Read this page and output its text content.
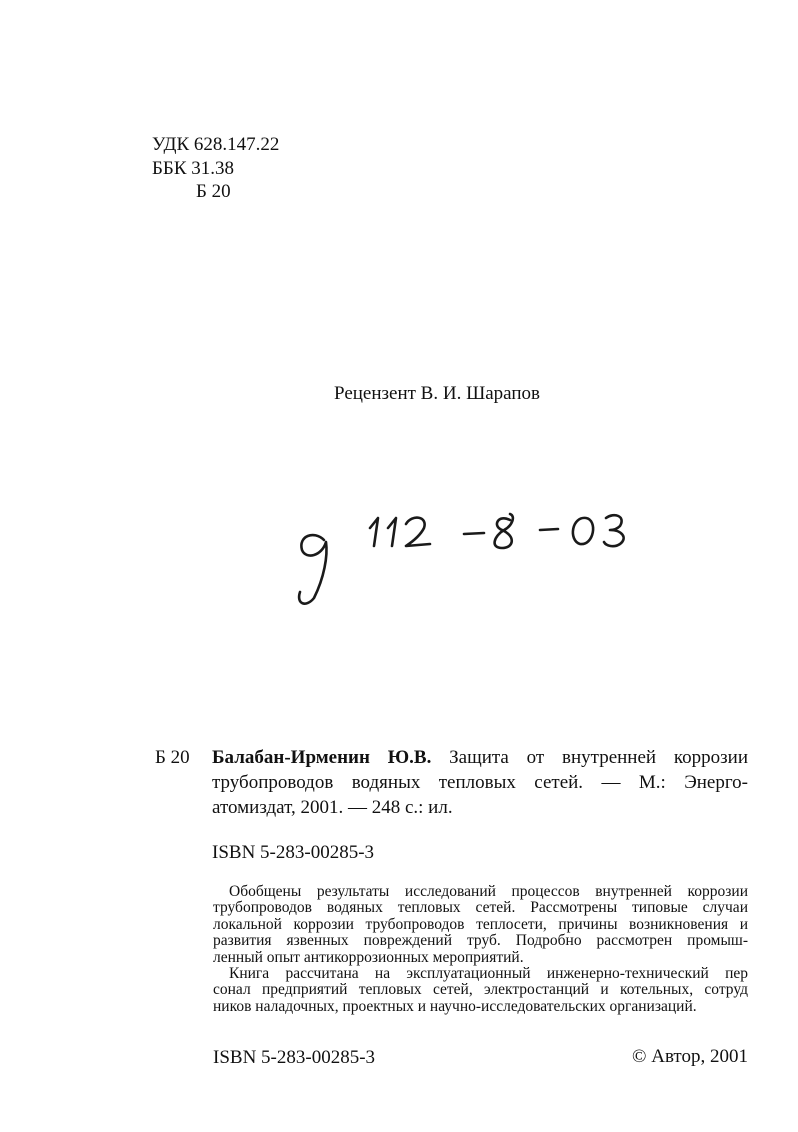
УДК 628.147.22
ББК 31.38
Б 20
Рецензент В. И. Шарапов
Б 20 Балабан-Ирменин Ю.В. Защита от внутренней коррозии
трубопроводов водяных тепловых сетей. — М.: Энерго-
атомиздат, 2001. — 248 с.: ил.
ISBN 5-283-00285-3
Обобщены результаты исследований процессов внутренней коррозии
трубопроводов водяных тепловых сетей. Рассмотрены типовые случаи
локальной коррозии трубопроводов теплосети, причины возникновения и
развития язвенных повреждений труб. Подробно рассмотрен промыш-
ленный опыт антикоррозионных мероприятий.
Книга рассчитана на эксплуатационный инженерно-технический пер
сонал предприятий тепловых сетей, электростанций и котельных, сотруд
ников наладочных, проектных и научно-исследовательских организаций.
ISBN 5-283-00285-3	© Автор, 2001
